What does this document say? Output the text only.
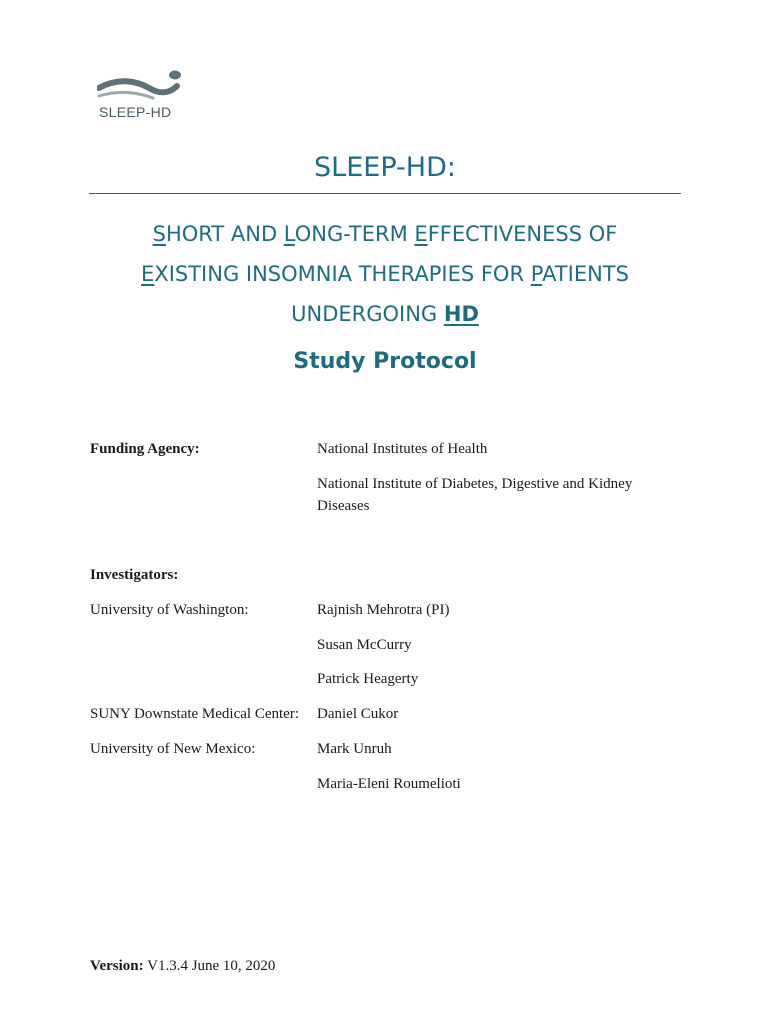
SLEEP-HD
SLEEP-HD:
SHORT AND LONG-TERM EFFECTIVENESS OF
EXISTING INSOMNIA THERAPIES FOR PATIENTS
UNDERGOING HD
Study Protocol
Funding Agency:	National Institutes of Health
National Institute of Diabetes, Digestive and Kidney
Diseases
Investigators:
University of Washington:	Rajnish Mehrotra (PI)
Susan McCurry
Patrick Heagerty
SUNY Downstate Medical Center: Daniel Cukor
University of New Mexico:	Mark Unruh
Maria-Eleni Roumelioti
Version: V1.3.4 June 10, 2020
